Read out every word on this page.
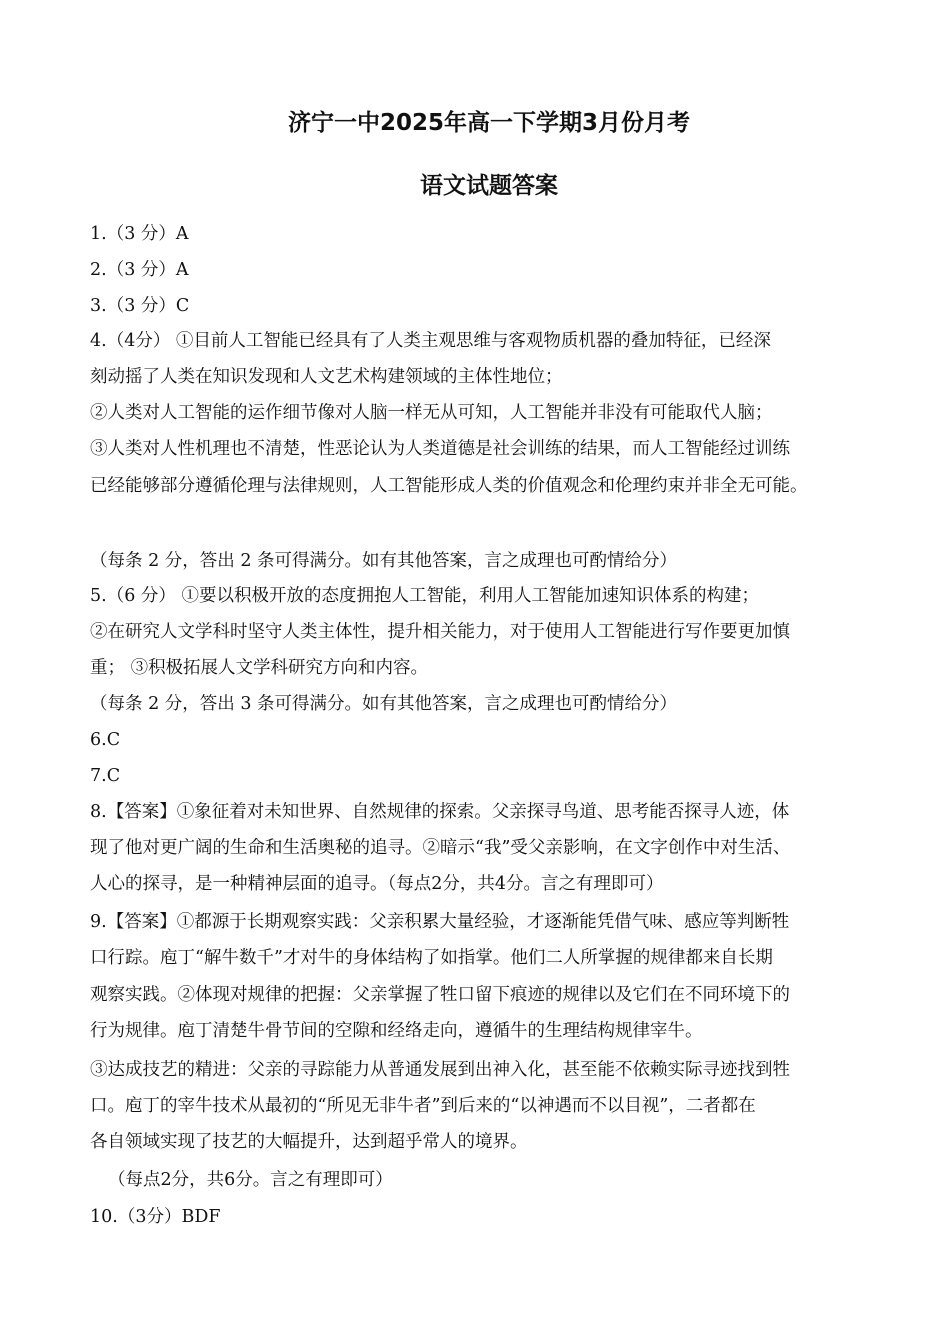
济宁一中2025年高一下学期3月份月考
语文试题答案
1.（3 分）A
2.（3 分）A
3.（3 分）C
4.（4分） ①目前人工智能已经具有了人类主观思维与客观物质机器的叠加特征，已经深
刻动摇了人类在知识发现和人文艺术构建领域的主体性地位；
②人类对人工智能的运作细节像对人脑一样无从可知，人工智能并非没有可能取代人脑；
③人类对人性机理也不清楚，性恶论认为人类道德是社会训练的结果，而人工智能经过训练
已经能够部分遵循伦理与法律规则，人工智能形成人类的价值观念和伦理约束并非全无可能。
（每条 2 分，答出 2 条可得满分。如有其他答案，言之成理也可酌情给分）
5.（6 分） ①要以积极开放的态度拥抱人工智能，利用人工智能加速知识体系的构建；
②在研究人文学科时坚守人类主体性，提升相关能力，对于使用人工智能进行写作要更加慎
重； ③积极拓展人文学科研究方向和内容。
（每条 2 分，答出 3 条可得满分。如有其他答案，言之成理也可酌情给分）
6.C
7.C
8.【答案】①象征着对未知世界、自然规律的探索。父亲探寻鸟道、思考能否探寻人迹，体
现了他对更广阔的生命和生活奥秘的追寻。②暗示“我”受父亲影响，在文字创作中对生活、
人心的探寻，是一种精神层面的追寻。（每点2分，共4分。言之有理即可）
9.【答案】①都源于长期观察实践：父亲积累大量经验，才逐渐能凭借气味、感应等判断牲
口行踪。庖丁“解牛数千”才对牛的身体结构了如指掌。他们二人所掌握的规律都来自长期
观察实践。②体现对规律的把握：父亲掌握了牲口留下痕迹的规律以及它们在不同环境下的
行为规律。庖丁清楚牛骨节间的空隙和经络走向，遵循牛的生理结构规律宰牛。
③达成技艺的精进：父亲的寻踪能力从普通发展到出神入化，甚至能不依赖实际寻迹找到牲
口。庖丁的宰牛技术从最初的“所见无非牛者”到后来的“以神遇而不以目视”，二者都在
各自领域实现了技艺的大幅提升，达到超乎常人的境界。
（每点2分，共6分。言之有理即可）
10.（3分）BDF
